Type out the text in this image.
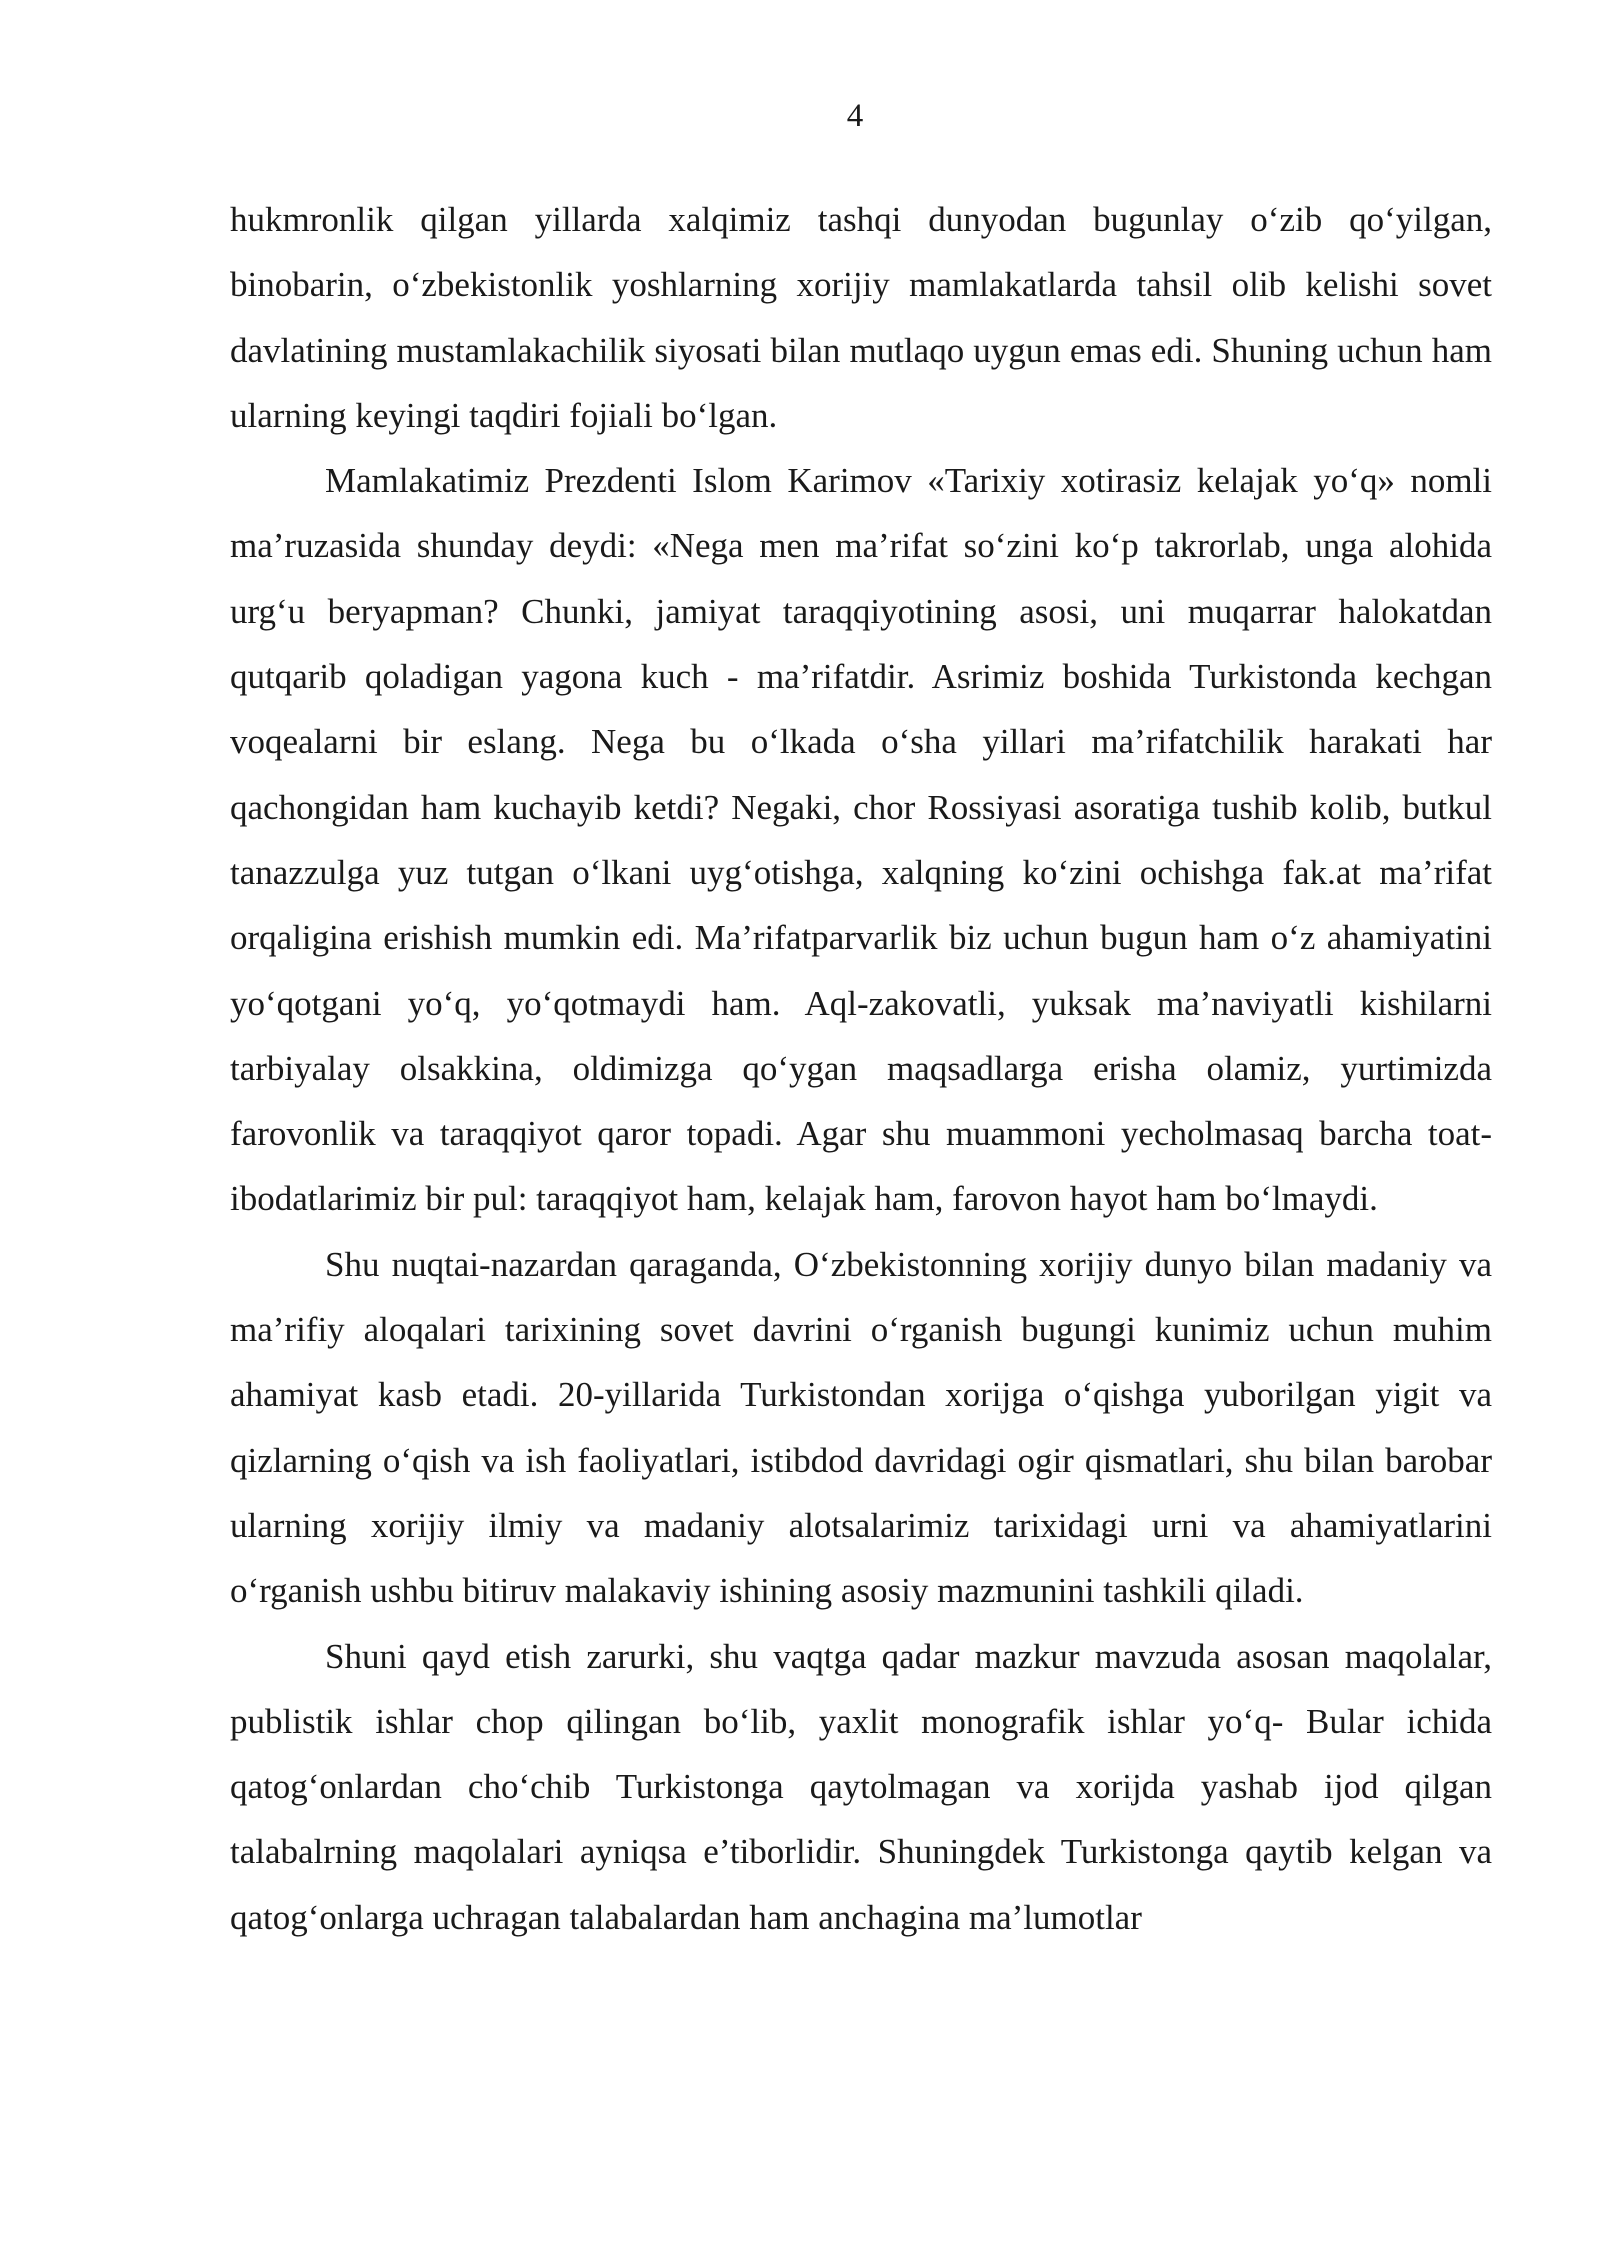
4

hukmronlik qilgan yillarda xalqimiz tashqi dunyodan bugunlay o‘zib qo‘yilgan, binobarin, o‘zbekistonlik yoshlarning xorijiy mamlakatlarda tahsil olib kelishi sovet davlatining mustamlakachilik siyosati bilan mutlaqo uygun emas edi. Shuning uchun ham ularning keyingi taqdiri fojiali bo‘lgan.

Mamlakatimiz Prezdenti Islom Karimov «Tarixiy xotirasiz kelajak yo‘q» nomli ma’ruzasida shunday deydi: «Nega men ma’rifat so‘zini ko‘p takrorlab, unga alohida urg‘u beryapman? Chunki, jamiyat taraqqiyotining asosi, uni muqarrar halokatdan qutqarib qoladigan yagona kuch - ma’rifatdir. Asrimiz boshida Turkistonda kechgan voqealarni bir eslang. Nega bu o‘lkada o‘sha yillari ma’rifatchilik harakati har qachongidan ham kuchayib ketdi? Negaki, chor Rossiyasi asoratiga tushib kolib, butkul tanazzulga yuz tutgan o‘lkani uyg‘otishga, xalqning ko‘zini ochishga fak.at ma’rifat orqaligina erishish mumkin edi. Ma’rifatparvarlik biz uchun bugun ham o‘z ahamiyatini yo‘qotgani yo‘q, yo‘qotmaydi ham. Aql-zakovatli, yuksak ma’naviyatli kishilarni tarbiyalay olsakkina, oldimizga qo‘ygan maqsadlarga erisha olamiz, yurtimizda farovonlik va taraqqiyot qaror topadi. Agar shu muammoni yecholmasaq barcha toat-ibodatlarimiz bir pul: taraqqiyot ham, kelajak ham, farovon hayot ham bo‘lmaydi.

Shu nuqtai-nazardan qaraganda, O‘zbekistonning xorijiy dunyo bilan madaniy va ma’rifiy aloqalari tarixining sovet davrini o‘rganish bugungi kunimiz uchun muhim ahamiyat kasb etadi. 20-yillarida Turkistondan xorijga o‘qishga yuborilgan yigit va qizlarning o‘qish va ish faoliyatlari, istibdod davridagi ogir qismatlari, shu bilan barobar ularning xorijiy ilmiy va madaniy alotsalarimiz tarixidagi urni va ahamiyatlarini o‘rganish ushbu bitiruv malakaviy ishining asosiy mazmunini tashkili qiladi.

Shuni qayd etish zarurki, shu vaqtga qadar mazkur mavzuda asosan maqolalar, publistik ishlar chop qilingan bo‘lib, yaxlit monografik ishlar yo‘q- Bular ichida qatog‘onlardan cho‘chib Turkistonga qaytolmagan va xorijda yashab ijod qilgan talabalrning maqolalari ayniqsa e’tiborlidir. Shuningdek Turkistonga qaytib kelgan va qatog‘onlarga uchragan talabalardan ham anchagina ma’lumotlar
